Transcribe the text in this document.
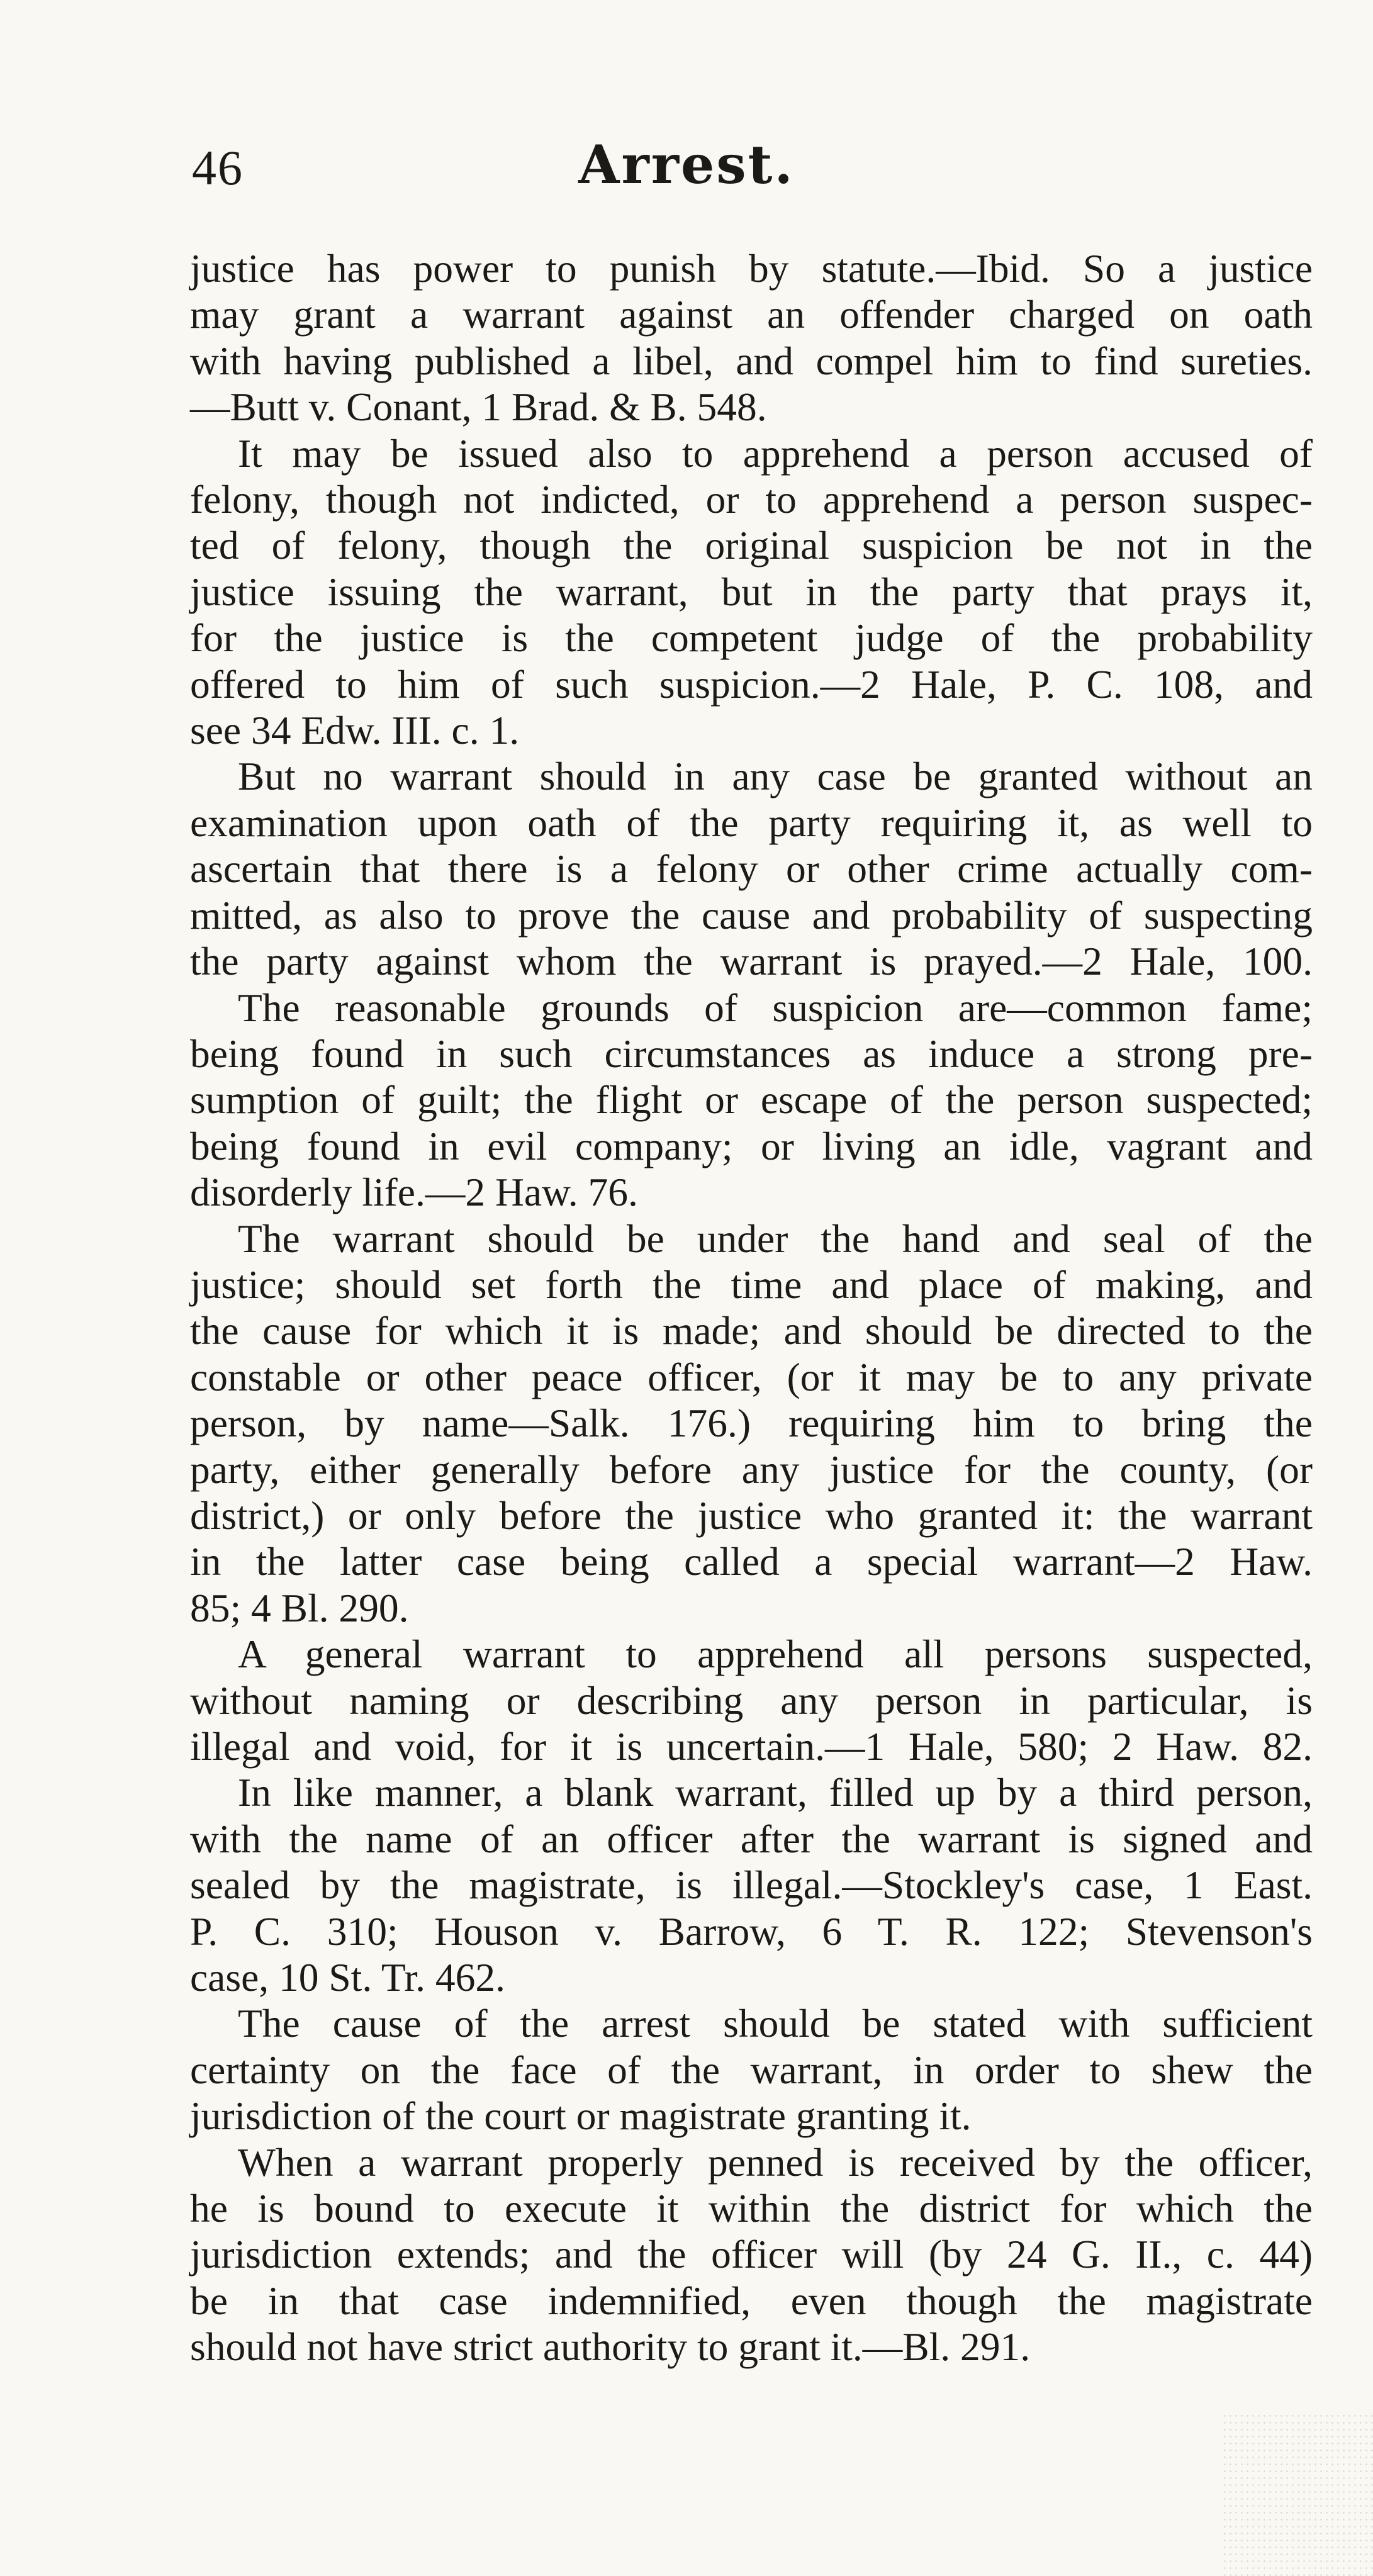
46	Arrest.
justice has power to punish by statute.—Ibid. So a justice
may grant a warrant against an offender charged on oath
with having published a libel, and compel him to find sureties.
—Butt v. Conant, 1 Brad. & B. 548.
It may be issued also to apprehend a person accused of
felony, though not indicted, or to apprehend a person suspec-
ted of felony, though the original suspicion be not in the
justice issuing the warrant, but in the party that prays it,
for the justice is the competent judge of the probability
offered to him of such suspicion.—2 Hale, P. C. 108, and
see 34 Edw. III. c. 1.
But no warrant should in any case be granted without an
examination upon oath of the party requiring it, as well to
ascertain that there is a felony or other crime actually com-
mitted, as also to prove the cause and probability of suspecting
the party against whom the warrant is prayed.—2 Hale, 100.
The reasonable grounds of suspicion are—common fame;
being found in such circumstances as induce a strong pre-
sumption of guilt; the flight or escape of the person suspected;
being found in evil company; or living an idle, vagrant and
disorderly life.—2 Haw. 76.
The warrant should be under the hand and seal of the
justice; should set forth the time and place of making, and
the cause for which it is made; and should be directed to the
constable or other peace officer, (or it may be to any private
person, by name—Salk. 176.) requiring him to bring the
party, either generally before any justice for the county, (or
district,) or only before the justice who granted it: the warrant
in the latter case being called a special warrant—2 Haw.
85; 4 Bl. 290.
A general warrant to apprehend all persons suspected,
without naming or describing any person in particular, is
illegal and void, for it is uncertain.—1 Hale, 580; 2 Haw. 82.
In like manner, a blank warrant, filled up by a third person,
with the name of an officer after the warrant is signed and
sealed by the magistrate, is illegal.—Stockley's case, 1 East.
P. C. 310; Houson v. Barrow, 6 T. R. 122; Stevenson's
case, 10 St. Tr. 462.
The cause of the arrest should be stated with sufficient
certainty on the face of the warrant, in order to shew the
jurisdiction of the court or magistrate granting it.
When a warrant properly penned is received by the officer,
he is bound to execute it within the district for which the
jurisdiction extends; and the officer will (by 24 G. II., c. 44)
be in that case indemnified, even though the magistrate
should not have strict authority to grant it.—Bl. 291.
